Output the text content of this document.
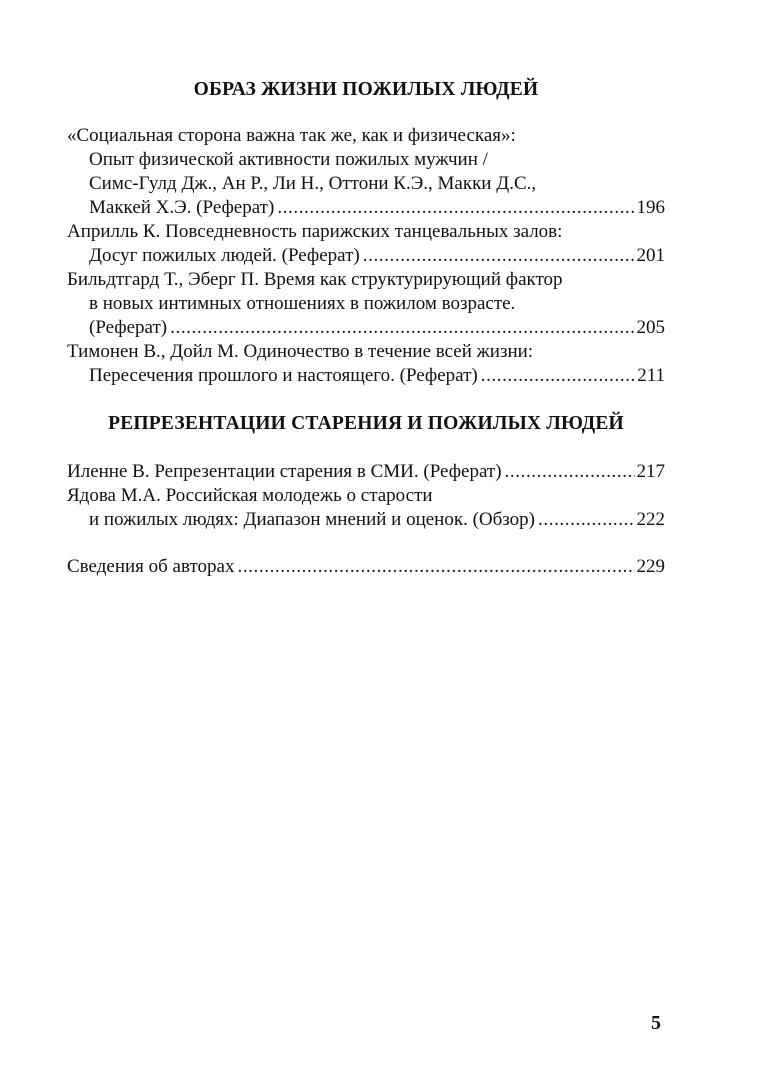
ОБРАЗ ЖИЗНИ ПОЖИЛЫХ ЛЮДЕЙ
«Социальная сторона важна так же, как и физическая»:
Опыт физической активности пожилых мужчин /
Симс-Гулд Дж., Ан Р., Ли Н., Оттони К.Э., Макки Д.С.,
Маккей Х.Э. (Реферат) .....	196
Априлль К. Повседневность парижских танцевальных залов:
Досуг пожилых людей. (Реферат) .....	201
Бильдтгард Т., Эберг П. Время как структурирующий фактор
в новых интимных отношениях в пожилом возрасте.
(Реферат) .....	205
Тимонен В., Дойл М. Одиночество в течение всей жизни:
Пересечения прошлого и настоящего. (Реферат) .....	211
РЕПРЕЗЕНТАЦИИ СТАРЕНИЯ И ПОЖИЛЫХ ЛЮДЕЙ
Иленне В. Репрезентации старения в СМИ. (Реферат) .....	217
Ядова М.А. Российская молодежь о старости
и пожилых людях: Диапазон мнений и оценок. (Обзор) .....	222
Сведения об авторах .....	229
5
